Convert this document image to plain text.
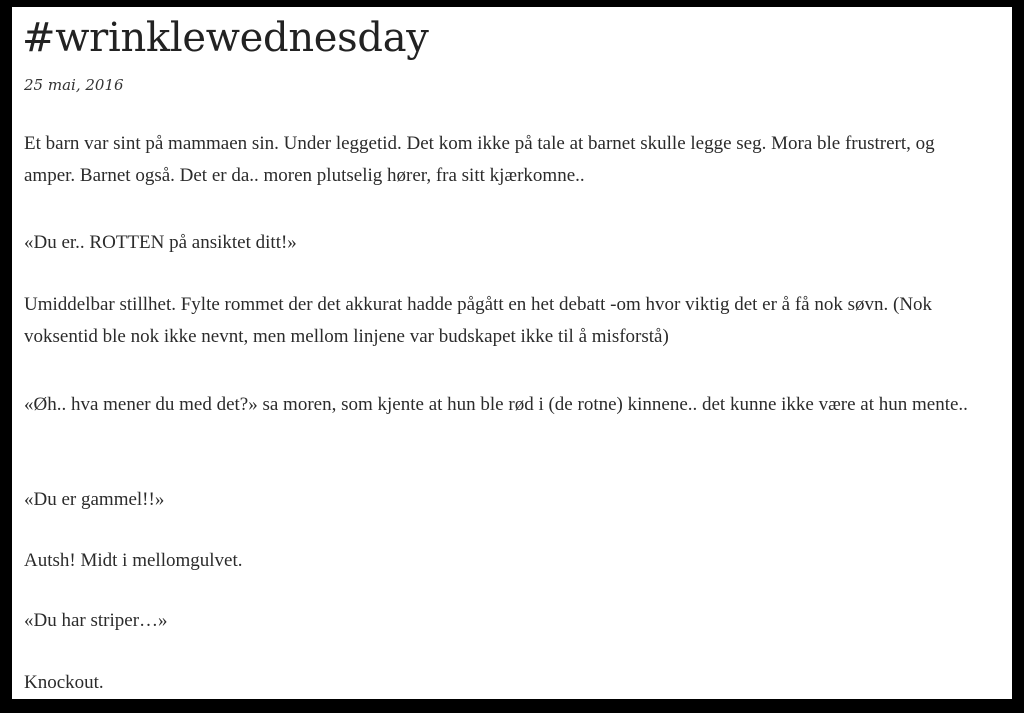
#wrinklewednesday
25 mai, 2016

Et barn var sint på mammaen sin. Under leggetid. Det kom ikke på tale at barnet skulle legge seg. Mora ble frustrert, og amper. Barnet også. Det er da.. moren plutselig hører, fra sitt kjærkomne..

«Du er.. ROTTEN på ansiktet ditt!»

Umiddelbar stillhet. Fylte rommet der det akkurat hadde pågått en het debatt -om hvor viktig det er å få nok søvn. (Nok voksentid ble nok ikke nevnt, men mellom linjene var budskapet ikke til å misforstå)

«Øh.. hva mener du med det?» sa moren, som kjente at hun ble rød i (de rotne) kinnene.. det kunne ikke være at hun mente..

«Du er gammel!!»

Autsh! Midt i mellomgulvet.

«Du har striper…»

Knockout.
